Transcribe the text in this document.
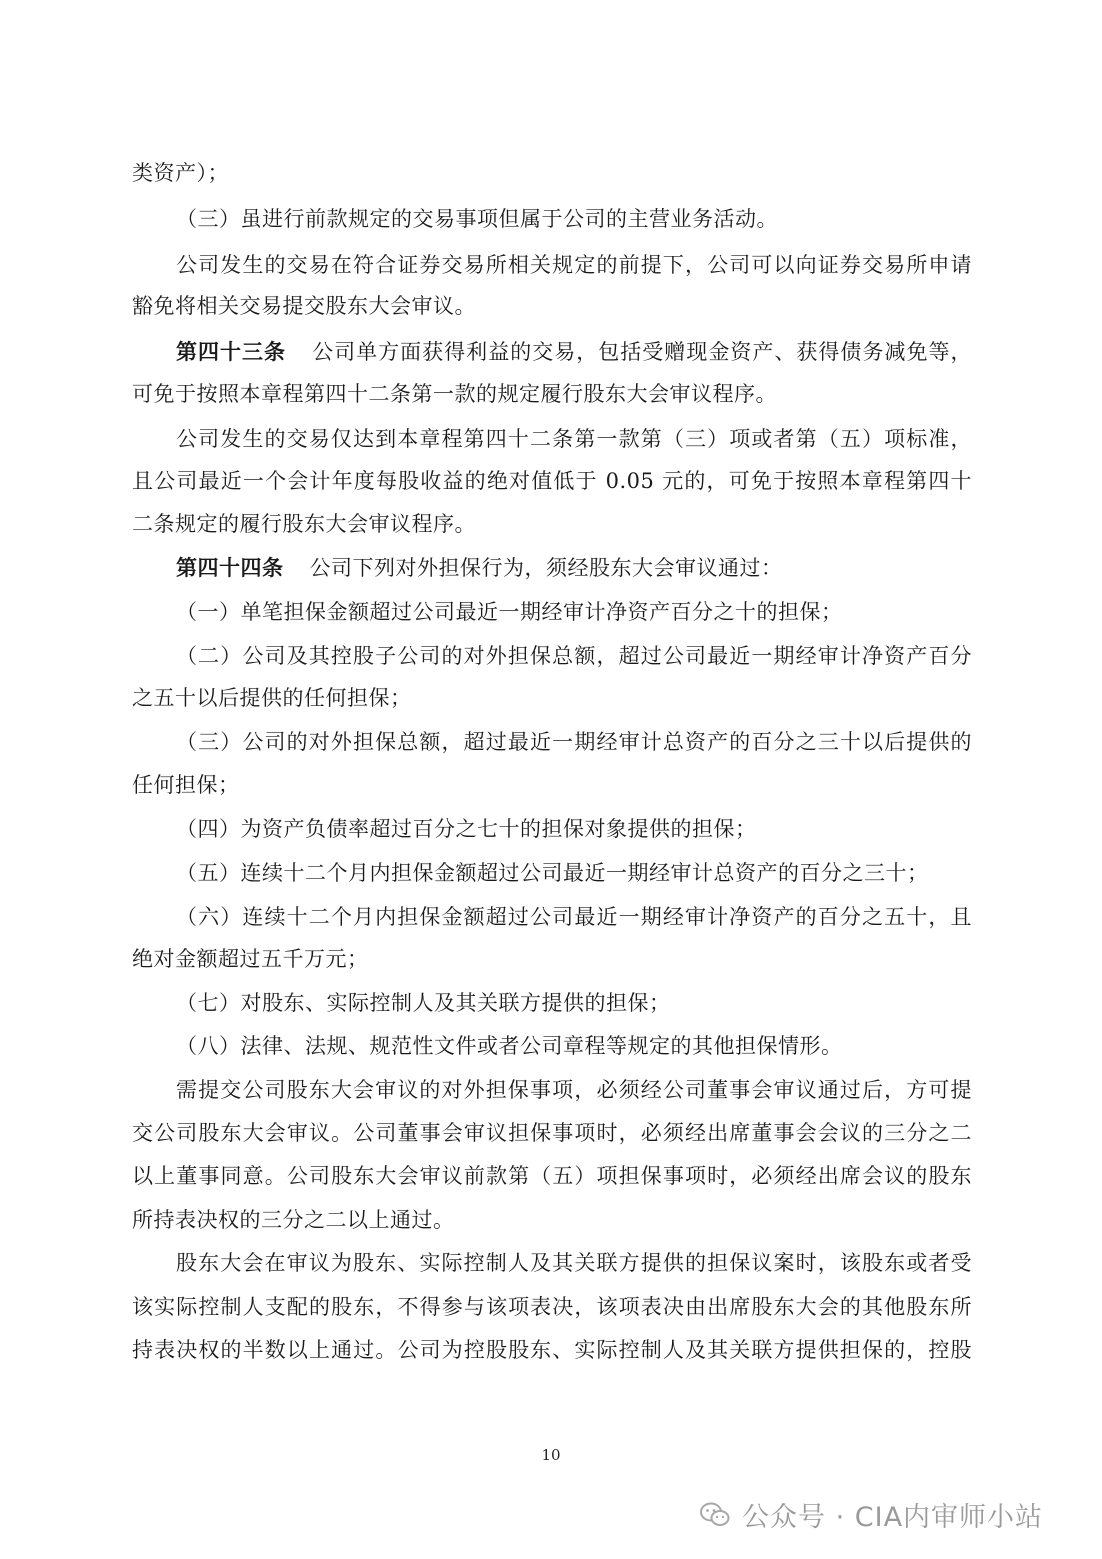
类资产）；
（三）虽进行前款规定的交易事项但属于公司的主营业务活动。
公司发生的交易在符合证券交易所相关规定的前提下，公司可以向证券交易所申请
豁免将相关交易提交股东大会审议。
第四十三条 公司单方面获得利益的交易，包括受赠现金资产、获得债务减免等，
可免于按照本章程第四十二条第一款的规定履行股东大会审议程序。
公司发生的交易仅达到本章程第四十二条第一款第（三）项或者第（五）项标准，
且公司最近一个会计年度每股收益的绝对值低于 0.05 元的，可免于按照本章程第四十
二条规定的履行股东大会审议程序。
第四十四条 公司下列对外担保行为，须经股东大会审议通过：
（一）单笔担保金额超过公司最近一期经审计净资产百分之十的担保；
（二）公司及其控股子公司的对外担保总额，超过公司最近一期经审计净资产百分
之五十以后提供的任何担保；
（三）公司的对外担保总额，超过最近一期经审计总资产的百分之三十以后提供的
任何担保；
（四）为资产负债率超过百分之七十的担保对象提供的担保；
（五）连续十二个月内担保金额超过公司最近一期经审计总资产的百分之三十；
（六）连续十二个月内担保金额超过公司最近一期经审计净资产的百分之五十，且
绝对金额超过五千万元；
（七）对股东、实际控制人及其关联方提供的担保；
（八）法律、法规、规范性文件或者公司章程等规定的其他担保情形。
需提交公司股东大会审议的对外担保事项，必须经公司董事会审议通过后，方可提
交公司股东大会审议。公司董事会审议担保事项时，必须经出席董事会会议的三分之二
以上董事同意。公司股东大会审议前款第（五）项担保事项时，必须经出席会议的股东
所持表决权的三分之二以上通过。
股东大会在审议为股东、实际控制人及其关联方提供的担保议案时，该股东或者受
该实际控制人支配的股东，不得参与该项表决，该项表决由出席股东大会的其他股东所
持表决权的半数以上通过。公司为控股股东、实际控制人及其关联方提供担保的，控股
10
公众号 · CIA内审师小站
